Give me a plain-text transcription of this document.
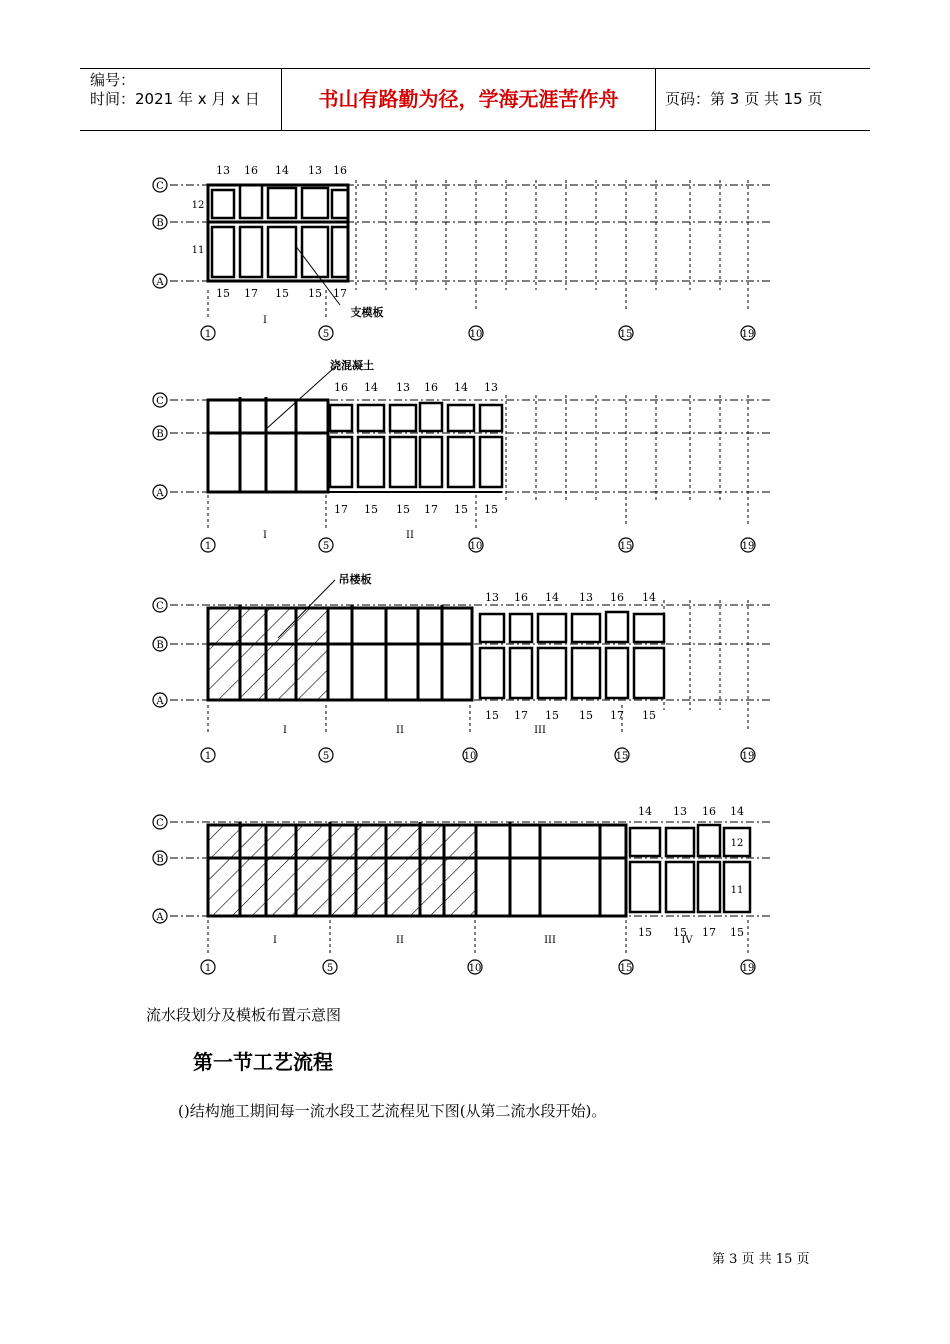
编号：
时间：2021 年 x 月 x 日	书山有路勤为径，学海无涯苦作舟	页码：第 3 页 共 15 页
C
B
A
1	5	10	15	19
13 16 14 13 16
15 17 15 15 17
I
C
B
A
1	5	10	15	19
16 14 13 16 14 13
17 15 15 17 15 15
I	II
C
B
A
1	5	10	15	19
13 16 14 13 16 14
15 17 15 15 17 15
I	II	III
C
B
A
1	5	10	15	19
14 13 16 14
15 15 17 15
I	II	III	IV
支模板
浇混凝土
吊楼板
12
11
12
11
流水段划分及模板布置示意图
第一节工艺流程
()结构施工期间每一流水段工艺流程见下图(从第二流水段开始)。
第 3 页 共 15 页
